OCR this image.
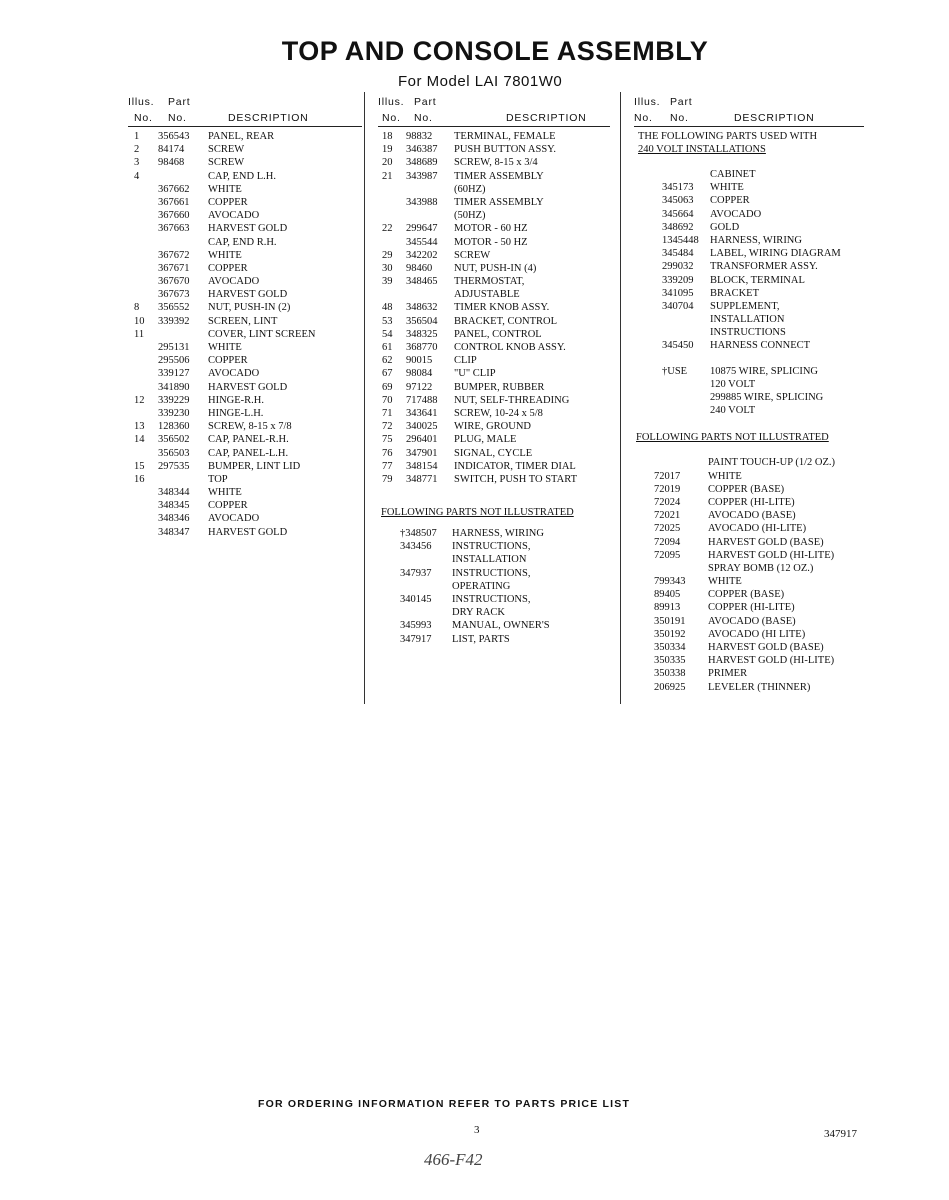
TOP AND CONSOLE ASSEMBLY
For Model LAI 7801W0
Illus. Part
No. No.	DESCRIPTION
1 356543 PANEL, REAR
2 84174 SCREW
3 98468 SCREW
4	CAP, END L.H.
367662 WHITE
367661 COPPER
367660 AVOCADO
367663 HARVEST GOLD
CAP, END R.H.
367672 WHITE
367671 COPPER
367670 AVOCADO
367673 HARVEST GOLD
8 356552 NUT, PUSH-IN (2)
10 339392 SCREEN, LINT
11	COVER, LINT SCREEN
295131 WHITE
295506 COPPER
339127 AVOCADO
341890 HARVEST GOLD
12 339229 HINGE-R.H.
339230 HINGE-L.H.
13 128360 SCREW, 8-15 x 7/8
14 356502 CAP, PANEL-R.H.
356503 CAP, PANEL-L.H.
15 297535 BUMPER, LINT LID
16	TOP
348344 WHITE
348345 COPPER
348346 AVOCADO
348347 HARVEST GOLD
Illus. Part
No. No.	DESCRIPTION
18 98832 TERMINAL, FEMALE
19 346387 PUSH BUTTON ASSY.
20 348689 SCREW, 8-15 x 3/4
21 343987 TIMER ASSEMBLY
(60HZ)
343988 TIMER ASSEMBLY
(50HZ)
22 299647 MOTOR - 60 HZ
345544 MOTOR - 50 HZ
29 342202 SCREW
30 98460 NUT, PUSH-IN (4)
39 348465 THERMOSTAT,
ADJUSTABLE
48 348632 TIMER KNOB ASSY.
53 356504 BRACKET, CONTROL
54 348325 PANEL, CONTROL
61 368770 CONTROL KNOB ASSY.
62 90015 CLIP
67 98084 "U" CLIP
69 97122 BUMPER, RUBBER
70 717488 NUT, SELF-THREADING
71 343641 SCREW, 10-24 x 5/8
72 340025 WIRE, GROUND
75 296401 PLUG, MALE
76 347901 SIGNAL, CYCLE
77 348154 INDICATOR, TIMER DIAL
79 348771 SWITCH, PUSH TO START
FOLLOWING PARTS NOT ILLUSTRATED
†348507 HARNESS, WIRING
343456 INSTRUCTIONS,
INSTALLATION
347937 INSTRUCTIONS,
OPERATING
340145 INSTRUCTIONS,
DRY RACK
345993 MANUAL, OWNER'S
347917 LIST, PARTS
Illus. Part
No. No.	DESCRIPTION
THE FOLLOWING PARTS USED WITH
240 VOLT INSTALLATIONS
CABINET
345173 WHITE
345063 COPPER
345664 AVOCADO
348692 GOLD
1345448 HARNESS, WIRING
345484 LABEL, WIRING DIAGRAM
299032 TRANSFORMER ASSY.
339209 BLOCK, TERMINAL
341095 BRACKET
340704 SUPPLEMENT,
INSTALLATION
INSTRUCTIONS
345450 HARNESS CONNECT
†USE 10875 WIRE, SPLICING
120 VOLT
299885 WIRE, SPLICING
240 VOLT
FOLLOWING PARTS NOT ILLUSTRATED
PAINT TOUCH-UP (1/2 OZ.)
72017	WHITE
72019	COPPER (BASE)
72024	COPPER (HI-LITE)
72021	AVOCADO (BASE)
72025	AVOCADO (HI-LITE)
72094	HARVEST GOLD (BASE)
72095	HARVEST GOLD (HI-LITE)
SPRAY BOMB (12 OZ.)
799343 WHITE
89405	COPPER (BASE)
89913	COPPER (HI-LITE)
350191 AVOCADO (BASE)
350192 AVOCADO (HI LITE)
350334 HARVEST GOLD (BASE)
350335 HARVEST GOLD (HI-LITE)
350338 PRIMER
206925 LEVELER (THINNER)
FOR ORDERING INFORMATION REFER TO PARTS PRICE LIST
3	347917
466-F42
